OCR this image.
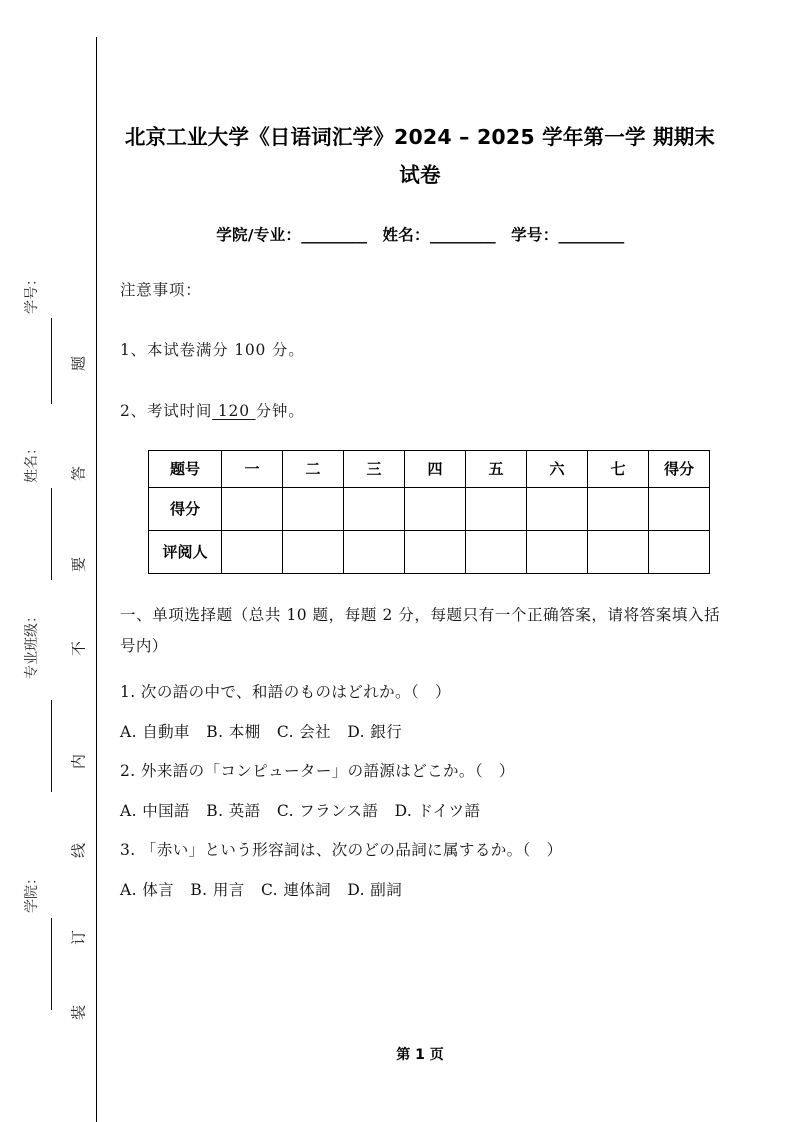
题
答
要
不
内
线
订
装
学号：
姓名：
专业班级：
学院：
北京工业大学《日语词汇学》2024 – 2025 学年第一学 期期末试卷
学院/专业：_________ 姓名：_________ 学号：_________
注意事项：
1、本试卷满分 100 分。
2、考试时间 120 分钟。
题号	一	二	三	四	五	六	七	得分
得分								
评阅人								
一、单项选择题（总共 10 题，每题 2 分，每题只有一个正确答案，请将答案填入括号内）
1. 次の語の中で、和語のものはどれか。（　）
A. 自動車 B. 本棚 C. 会社 D. 銀行
2. 外来語の「コンピューター」の語源はどこか。（　）
A. 中国語 B. 英語 C. フランス語 D. ドイツ語
3. 「赤い」という形容詞は、次のどの品詞に属するか。（　）
A. 体言 B. 用言 C. 連体詞 D. 副詞
第 1 页
